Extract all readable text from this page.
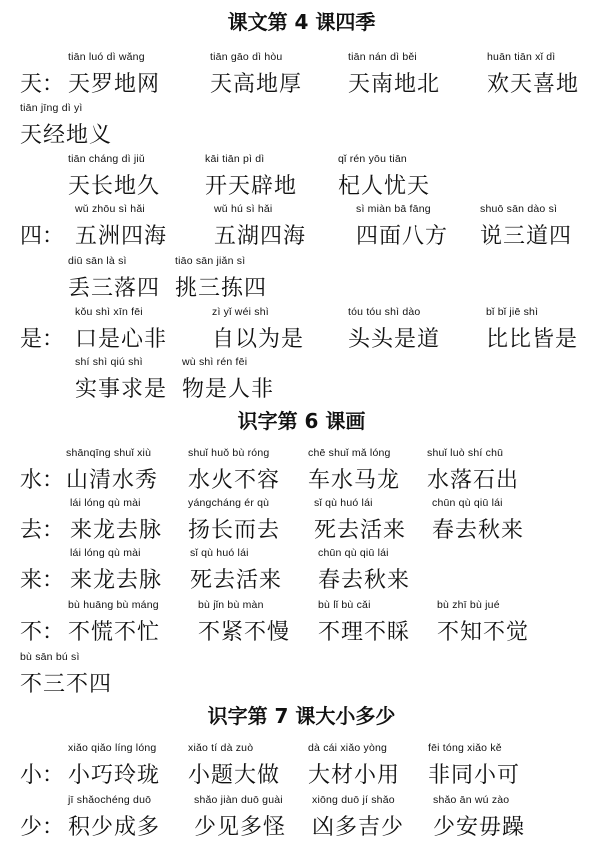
课文第 4 课四季
识字第 6 课画
识字第 7 课大小多少
天：
tiān luó dì wǎng
天罗地网
tiān gāo dì hòu
天高地厚
tiān nán dì běi
天南地北
huān tiān xǐ dì
欢天喜地
tiān jīng dì yì
天经地义
tiān cháng dì jiǔ
天长地久
kāi tiān pì dì
开天辟地
qǐ rén yōu tiān
杞人忧天
四：
wǔ zhōu sì hǎi
五洲四海
wǔ hú sì hǎi
五湖四海
sì miàn bā fāng
四面八方
shuō sān dào sì
说三道四
diū sān là sì
丢三落四
tiāo sān jiǎn sì
挑三拣四
是：
kǒu shì xīn fēi
口是心非
zì yǐ wéi shì
自以为是
tóu tóu shì dào
头头是道
bǐ bǐ jiē shì
比比皆是
shí shì qiú shì
实事求是
wù shì rén fēi
物是人非
水：
shānqīng shuǐ xiù
山清水秀
shuǐ huǒ bù róng
水火不容
chē shuǐ mǎ lóng
车水马龙
shuǐ luò shí chū
水落石出
去：
lái lóng qù mài
来龙去脉
yángcháng ér qù
扬长而去
sǐ qù huó lái
死去活来
chūn qù qiū lái
春去秋来
来：
lái lóng qù mài
来龙去脉
sǐ qù huó lái
死去活来
chūn qù qiū lái
春去秋来
不：
bù huāng bù máng
不慌不忙
bù jǐn bù màn
不紧不慢
bù lǐ bù cǎi
不理不睬
bù zhī bù jué
不知不觉
bù sān bú sì
不三不四
小：
xiǎo qiǎo líng lóng
小巧玲珑
xiǎo tí dà zuò
小题大做
dà cái xiǎo yòng
大材小用
fēi tóng xiǎo kě
非同小可
少：
jī shǎochéng duō
积少成多
shǎo jiàn duō guài
少见多怪
xiōng duō jí shǎo
凶多吉少
shǎo ān wú zào
少安毋躁
